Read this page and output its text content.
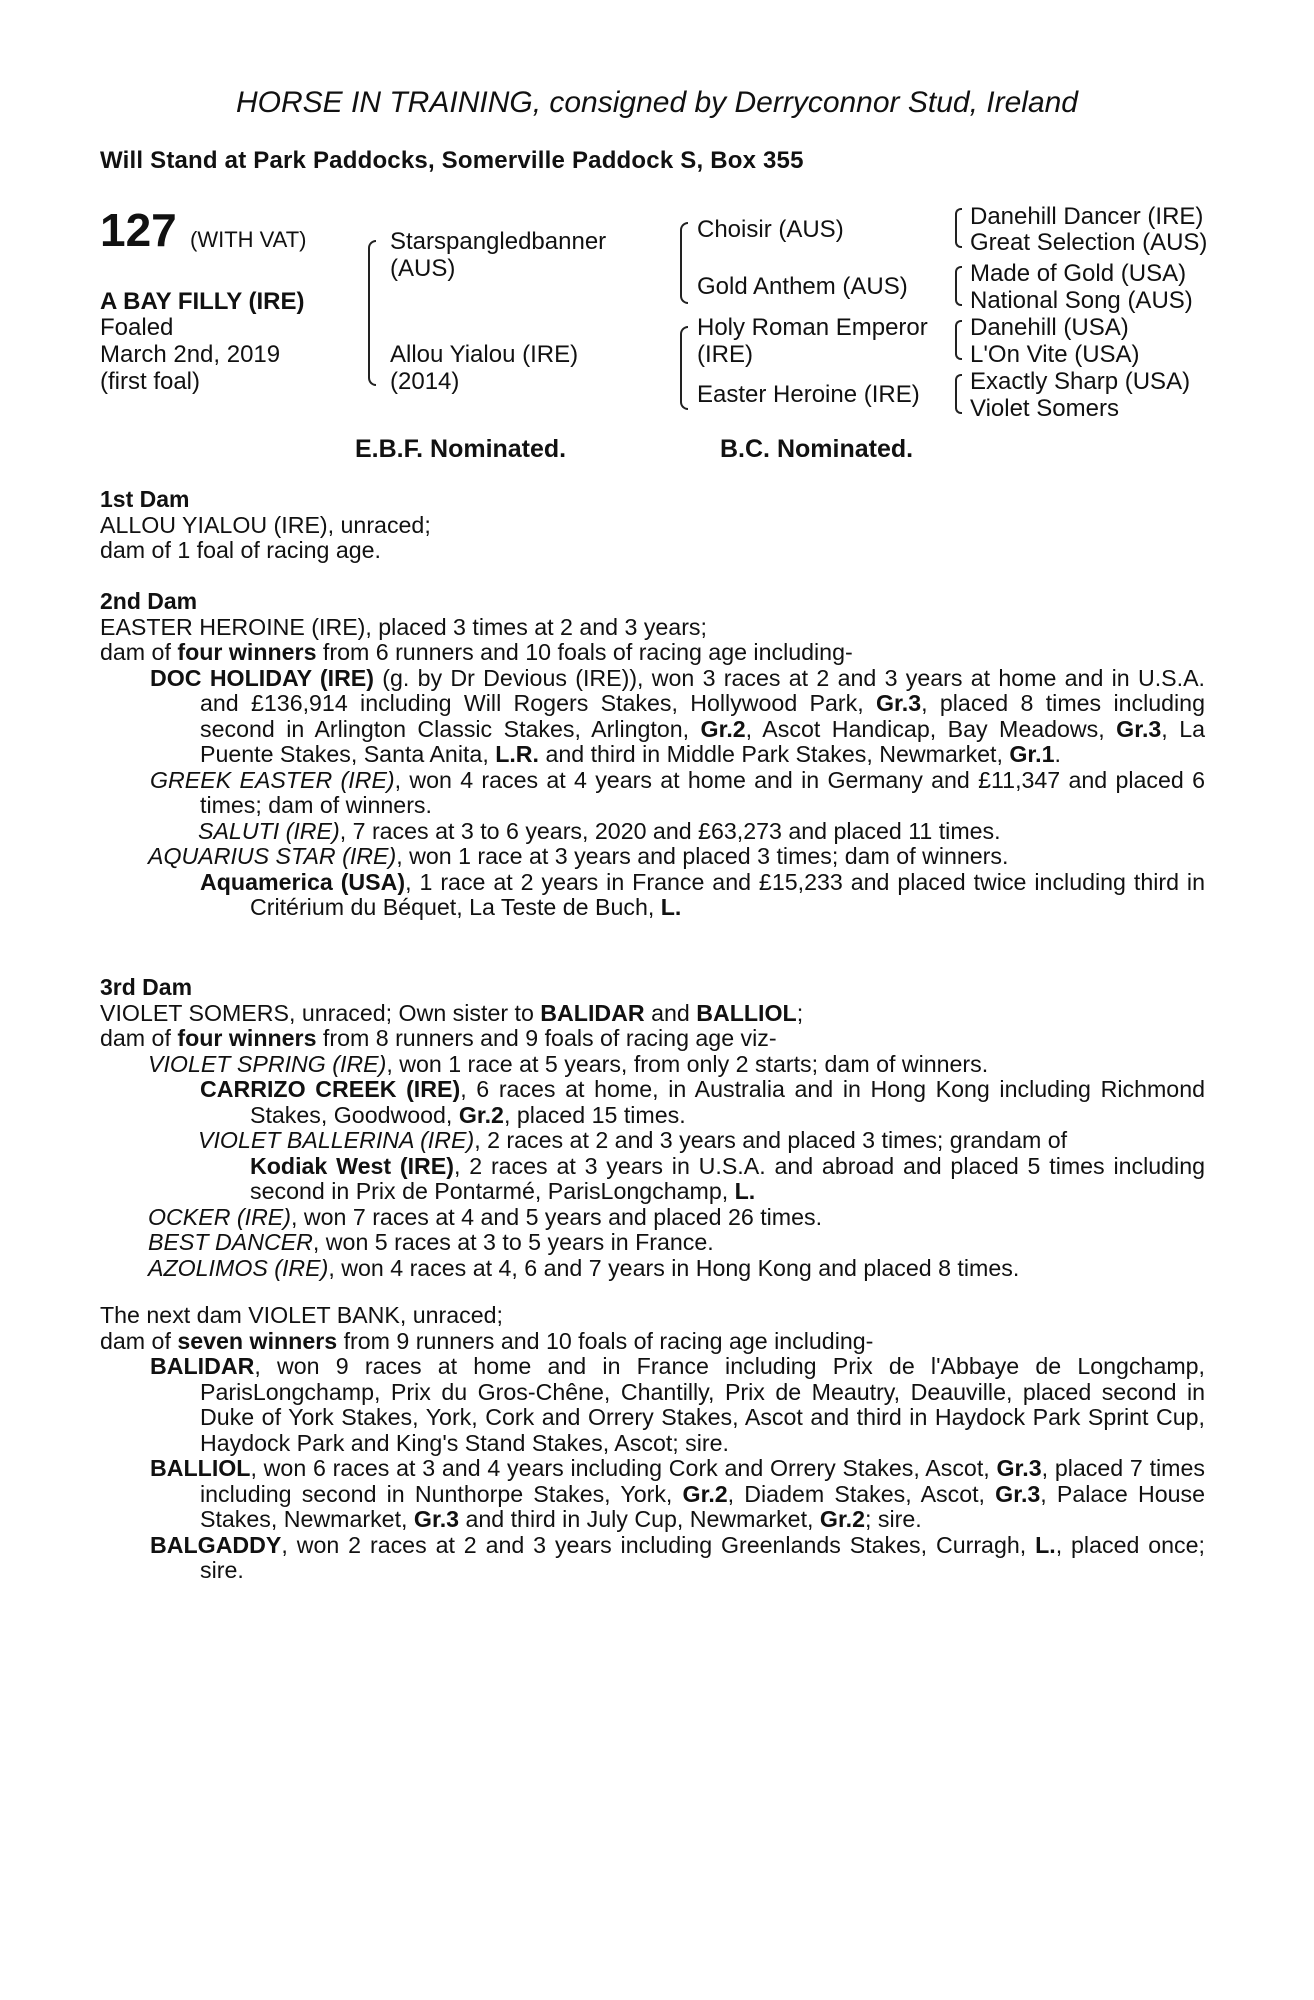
HORSE IN TRAINING, consigned by Derryconnor Stud, Ireland
Will Stand at Park Paddocks, Somerville Paddock S, Box 355
127 (WITH VAT)
A BAY FILLY (IRE)
Foaled
March 2nd, 2019
(first foal)
Starspangledbanner
(AUS)
Allou Yialou (IRE)
(2014)
Choisir (AUS)
Gold Anthem (AUS)
Holy Roman Emperor
(IRE)
Easter Heroine (IRE)
Danehill Dancer (IRE)
Great Selection (AUS)
Made of Gold (USA)
National Song (AUS)
Danehill (USA)
L'On Vite (USA)
Exactly Sharp (USA)
Violet Somers
E.B.F. Nominated.	B.C. Nominated.
1st Dam
ALLOU YIALOU (IRE), unraced;
dam of 1 foal of racing age.
2nd Dam
EASTER HEROINE (IRE), placed 3 times at 2 and 3 years;
dam of four winners from 6 runners and 10 foals of racing age including-
DOC HOLIDAY (IRE) (g. by Dr Devious (IRE)), won 3 races at 2 and 3 years at home and in U.S.A. and £136,914 including Will Rogers Stakes, Hollywood Park, Gr.3, placed 8 times including second in Arlington Classic Stakes, Arlington, Gr.2, Ascot Handicap, Bay Meadows, Gr.3, La Puente Stakes, Santa Anita, L.R. and third in Middle Park Stakes, Newmarket, Gr.1.
GREEK EASTER (IRE), won 4 races at 4 years at home and in Germany and £11,347 and placed 6 times; dam of winners.
SALUTI (IRE), 7 races at 3 to 6 years, 2020 and £63,273 and placed 11 times.
AQUARIUS STAR (IRE), won 1 race at 3 years and placed 3 times; dam of winners.
Aquamerica (USA), 1 race at 2 years in France and £15,233 and placed twice including third in Critérium du Béquet, La Teste de Buch, L.
3rd Dam
VIOLET SOMERS, unraced; Own sister to BALIDAR and BALLIOL;
dam of four winners from 8 runners and 9 foals of racing age viz-
VIOLET SPRING (IRE), won 1 race at 5 years, from only 2 starts; dam of winners.
CARRIZO CREEK (IRE), 6 races at home, in Australia and in Hong Kong including Richmond Stakes, Goodwood, Gr.2, placed 15 times.
VIOLET BALLERINA (IRE), 2 races at 2 and 3 years and placed 3 times; grandam of
Kodiak West (IRE), 2 races at 3 years in U.S.A. and abroad and placed 5 times including second in Prix de Pontarmé, ParisLongchamp, L.
OCKER (IRE), won 7 races at 4 and 5 years and placed 26 times.
BEST DANCER, won 5 races at 3 to 5 years in France.
AZOLIMOS (IRE), won 4 races at 4, 6 and 7 years in Hong Kong and placed 8 times.
The next dam VIOLET BANK, unraced;
dam of seven winners from 9 runners and 10 foals of racing age including-
BALIDAR, won 9 races at home and in France including Prix de l'Abbaye de Longchamp, ParisLongchamp, Prix du Gros-Chêne, Chantilly, Prix de Meautry, Deauville, placed second in Duke of York Stakes, York, Cork and Orrery Stakes, Ascot and third in Haydock Park Sprint Cup, Haydock Park and King's Stand Stakes, Ascot; sire.
BALLIOL, won 6 races at 3 and 4 years including Cork and Orrery Stakes, Ascot, Gr.3, placed 7 times including second in Nunthorpe Stakes, York, Gr.2, Diadem Stakes, Ascot, Gr.3, Palace House Stakes, Newmarket, Gr.3 and third in July Cup, Newmarket, Gr.2; sire.
BALGADDY, won 2 races at 2 and 3 years including Greenlands Stakes, Curragh, L., placed once; sire.
